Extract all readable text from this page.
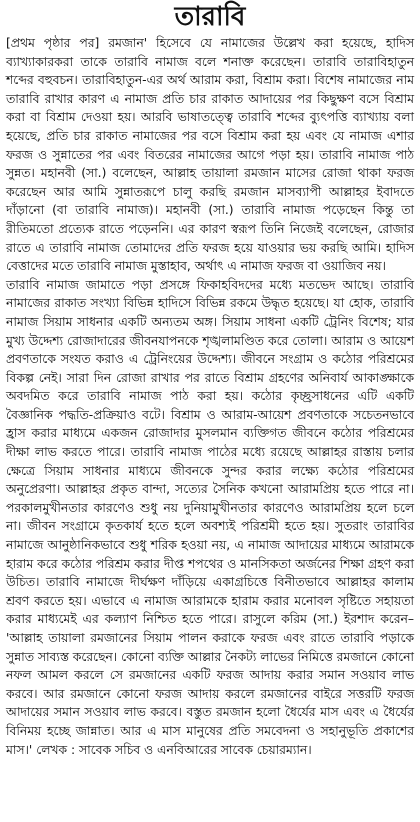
তারাবি

[প্রথম পৃষ্ঠার পর] রমজান' হিসেবে যে নামাজের উল্লেখ করা হয়েছে, হাদিস ব্যাখ্যাকারকরা তাকে তারাবি নামাজ বলে শনাক্ত করেছেন। তারাবি তারাবিহাতুন শব্দের বহুবচন। তারাবিহাতুন-এর অর্থ আরাম করা, বিশ্রাম করা। বিশেষ নামাজের নাম তারাবি রাখার কারণ এ নামাজ প্রতি চার রাকাত আদায়ের পর কিছুক্ষণ বসে বিশ্রাম করা বা বিশ্রাম দেওয়া হয়। আরবি ভাষাতত্ত্বে তারাবি শব্দের ব্যুৎপত্তি ব্যাখ্যায় বলা হয়েছে, প্রতি চার রাকাত নামাজের পর বসে বিশ্রাম করা হয় এবং যে নামাজ এশার ফরজ ও সুন্নাতের পর এবং বিতরের নামাজের আগে পড়া হয়। তারাবি নামাজ পাঠ সুন্নত। মহানবী (সা.) বলেছেন, আল্লাহ তায়ালা রমজান মাসের রোজা থাকা ফরজ করেছেন আর আমি সুন্নাতরূপে চালু করছি রমজান মাসব্যাপী আল্লাহর ইবাদতে দাঁড়ানো (বা তারাবি নামাজ)। মহানবী (সা.) তারাবি নামাজ পড়েছেন কিন্তু তা রীতিমতো প্রত্যেক রাতে পড়েননি। এর কারণ স্বরূপ তিনি নিজেই বলেছেন, রোজার রাতে এ তারাবি নামাজ তোমাদের প্রতি ফরজ হয়ে যাওয়ার ভয় করছি আমি। হাদিস বেত্তাদের মতে তারাবি নামাজ মুস্তাহাব, অর্থাৎ এ নামাজ ফরজ বা ওয়াজিব নয়।

তারাবি নামাজ জামাতে পড়া প্রসঙ্গে ফিকাহবিদদের মধ্যে মতভেদ আছে। তারাবি নামাজের রাকাত সংখ্যা বিভিন্ন হাদিসে বিভিন্ন রকমে উদ্ধৃত হয়েছে। যা হোক, তারাবি নামাজ সিয়াম সাধনার একটি অন্যতম অঙ্গ। সিয়াম সাধনা একটি ট্রেনিং বিশেষ; যার মুখ্য উদ্দেশ্য রোজাদারের জীবনযাপনকে শৃঙ্খলামণ্ডিত করে তোলা। আরাম ও আয়েশ প্রবণতাকে সংযত করাও এ ট্রেনিংয়ের উদ্দেশ্য। জীবনে সংগ্রাম ও কঠোর পরিশ্রমের বিকল্প নেই। সারা দিন রোজা রাখার পর রাতে বিশ্রাম গ্রহণের অনিবার্য আকাঙ্ক্ষাকে অবদমিত করে তারাবি নামাজ পাঠ করা হয়। কঠোর কৃচ্ছ্রসাধনের এটি একটি বৈজ্ঞানিক পদ্ধতি-প্রক্রিয়াও বটে। বিশ্রাম ও আরাম-আয়েশ প্রবণতাকে সচেতনভাবে হ্রাস করার মাধ্যমে একজন রোজাদার মুসলমান ব্যক্তিগত জীবনে কঠোর পরিশ্রমের দীক্ষা লাভ করতে পারে। তারাবি নামাজ পাঠের মধ্যে রয়েছে আল্লাহর রাস্তায় চলার ক্ষেত্রে সিয়াম সাধনার মাধ্যমে জীবনকে সুন্দর করার লক্ষ্যে কঠোর পরিশ্রমের অনুপ্রেরণা। আল্লাহর প্রকৃত বান্দা, সত্যের সৈনিক কখনো আরামপ্রিয় হতে পারে না। পরকালমুখীনতার কারণেও শুধু নয় দুনিয়ামুখীনতার কারণেও আরামপ্রিয় হলে চলে না। জীবন সংগ্রামে কৃতকার্য হতে হলে অবশ্যই পরিশ্রমী হতে হয়। সুতরাং তারাবির নামাজে আনুষ্ঠানিকভাবে শুধু শরিক হওয়া নয়, এ নামাজ আদায়ের মাধ্যমে আরামকে হারাম করে কঠোর পরিশ্রম করার দীপ্ত শপথের ও মানসিকতা অর্জনের শিক্ষা গ্রহণ করা উচিত। তারাবি নামাজে দীর্ঘক্ষণ দাঁড়িয়ে একাগ্রচিত্তে বিনীতভাবে আল্লাহর কালাম শ্রবণ করতে হয়। এভাবে এ নামাজ আরামকে হারাম করার মনোবল সৃষ্টিতে সহায়তা করার মাধ্যমেই এর কল্যাণ নিশ্চিত হতে পারে। রাসুলে করিম (সা.) ইরশাদ করেন– 'আল্লাহ তায়ালা রমজানের সিয়াম পালন করাকে ফরজ এবং রাতে তারাবি পড়াকে সুন্নাত সাব্যস্ত করেছেন। কোনো ব্যক্তি আল্লার নৈকট্য লাভের নিমিত্তে রমজানে কোনো নফল আমল করলে সে রমজানের একটি ফরজ আদায় করার সমান সওয়াব লাভ করবে। আর রমজানে কোনো ফরজ আদায় করলে রমজানের বাইরে সত্তরটি ফরজ আদায়ের সমান সওয়াব লাভ করবে। বস্তুত রমজান হলো ধৈর্যের মাস এবং এ ধৈর্যের বিনিময় হচ্ছে জান্নাত। আর এ মাস মানুষের প্রতি সমবেদনা ও সহানুভূতি প্রকাশের মাস।' লেখক : সাবেক সচিব ও এনবিআরের সাবেক চেয়ারম্যান।
